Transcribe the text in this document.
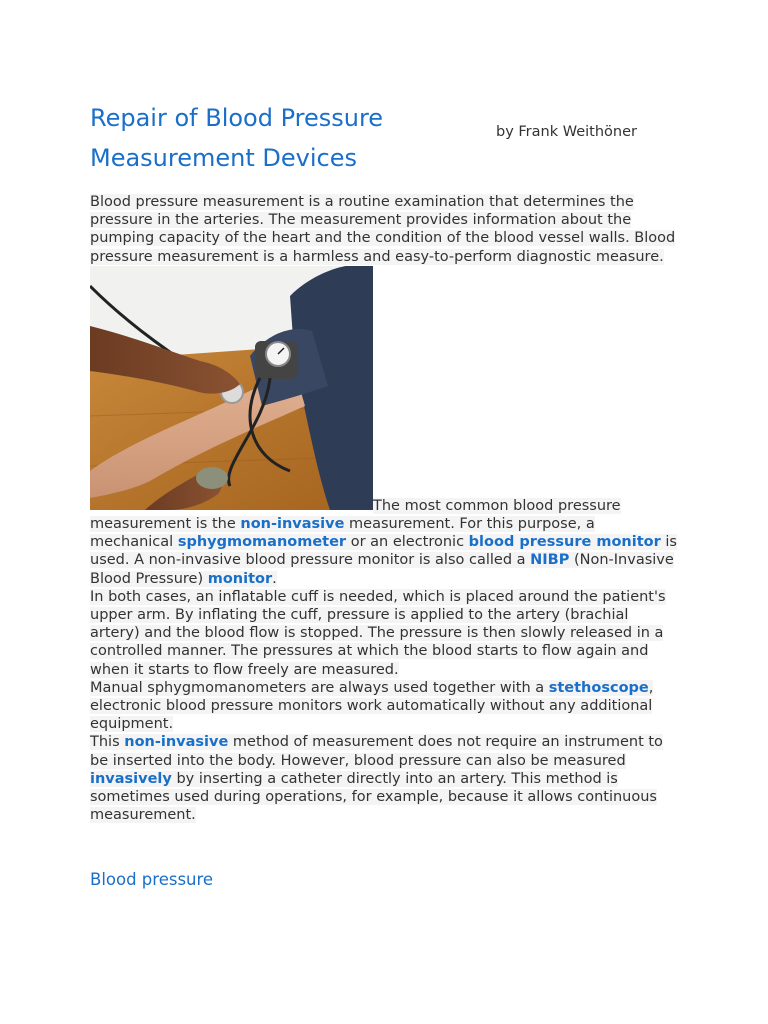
Repair of Blood Pressure Measurement Devices
by Frank Weithöner
Blood pressure measurement is a routine examination that determines the pressure in the arteries. The measurement provides information about the pumping capacity of the heart and the condition of the blood vessel walls. Blood pressure measurement is a harmless and easy-to-perform diagnostic measure.
The most common blood pressure measurement is the non-invasive measurement. For this purpose, a mechanical sphygmomanometer or an electronic blood pressure monitor is used. A non-invasive blood pressure monitor is also called a NIBP (Non-Invasive Blood Pressure) monitor.
In both cases, an inflatable cuff is needed, which is placed around the patient's upper arm. By inflating the cuff, pressure is applied to the artery (brachial artery) and the blood flow is stopped. The pressure is then slowly released in a controlled manner. The pressures at which the blood starts to flow again and when it starts to flow freely are measured.
Manual sphygmomanometers are always used together with a stethoscope, electronic blood pressure monitors work automatically without any additional equipment.
This non-invasive method of measurement does not require an instrument to be inserted into the body. However, blood pressure can also be measured invasively by inserting a catheter directly into an artery. This method is sometimes used during operations, for example, because it allows continuous measurement.
Blood pressure
